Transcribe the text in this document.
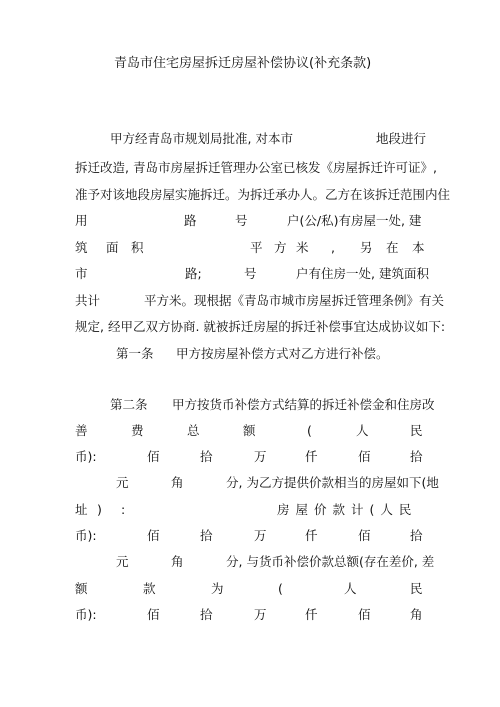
青岛市住宅房屋拆迁房屋补偿协议(补充条款)
甲方经青岛市规划局批准, 对本市	地段进行
拆迁改造, 青岛市房屋拆迁管理办公室已核发《房屋拆迁许可证》,
准予对该地段房屋实施拆迁。为拆迁承办人。乙方在该拆迁范围内住
用	路	号	户(公/私)有房屋一处, 建
筑 面 积	平 方 米 , 另 在 本
市	路;	号	户有住房一处, 建筑面积
共计	平方米。现根据《青岛市城市房屋拆迁管理条例》有关
规定, 经甲乙双方协商. 就被拆迁房屋的拆迁补偿事宜达成协议如下:
第一条 甲方按房屋补偿方式对乙方进行补偿。
第二条 甲方按货币补偿方式结算的拆迁补偿金和住房改
善	费	总	额	(	人	民
币):	佰	拾	万	仟	佰	拾
元	角	分, 为乙方提供价款相当的房屋如下(地
址 ) :	房屋价款计(人民
币):	佰	拾	万	仟	佰	拾
元	角	分, 与货币补偿价款总额(存在差价, 差
额	款	为	(	人	民
币):	佰	拾	万	仟	佰	角
